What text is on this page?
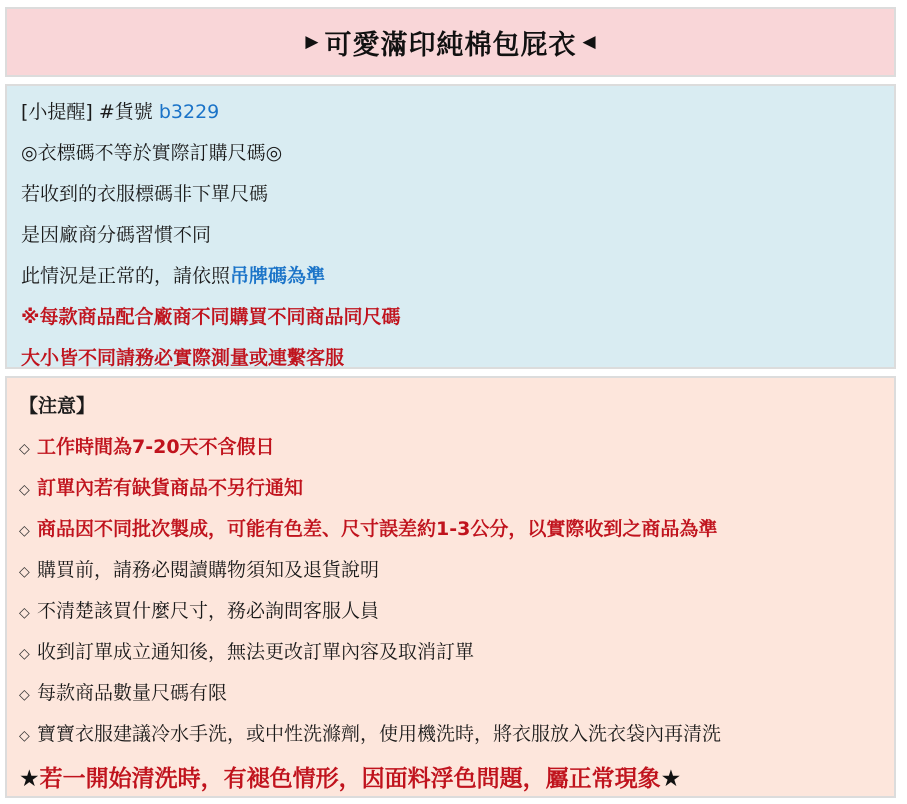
▶ 可愛滿印純棉包屁衣 ◀
[小提醒] #貨號 b3229
◎衣標碼不等於實際訂購尺碼◎
若收到的衣服標碼非下單尺碼
是因廠商分碼習慣不同
此情況是正常的，請依照吊牌碼為準
※每款商品配合廠商不同購買不同商品同尺碼
大小皆不同請務必實際測量或連繫客服
【注意】
◇ 工作時間為7-20天不含假日
◇ 訂單內若有缺貨商品不另行通知
◇ 商品因不同批次製成，可能有色差、尺寸誤差約1-3公分，以實際收到之商品為準
◇ 購買前，請務必閱讀購物須知及退貨說明
◇ 不清楚該買什麼尺寸，務必詢問客服人員
◇ 收到訂單成立通知後，無法更改訂單內容及取消訂單
◇ 每款商品數量尺碼有限
◇ 寶寶衣服建議冷水手洗，或中性洗滌劑，使用機洗時，將衣服放入洗衣袋內再清洗
★若一開始清洗時，有褪色情形，因面料浮色問題，屬正常現象★
